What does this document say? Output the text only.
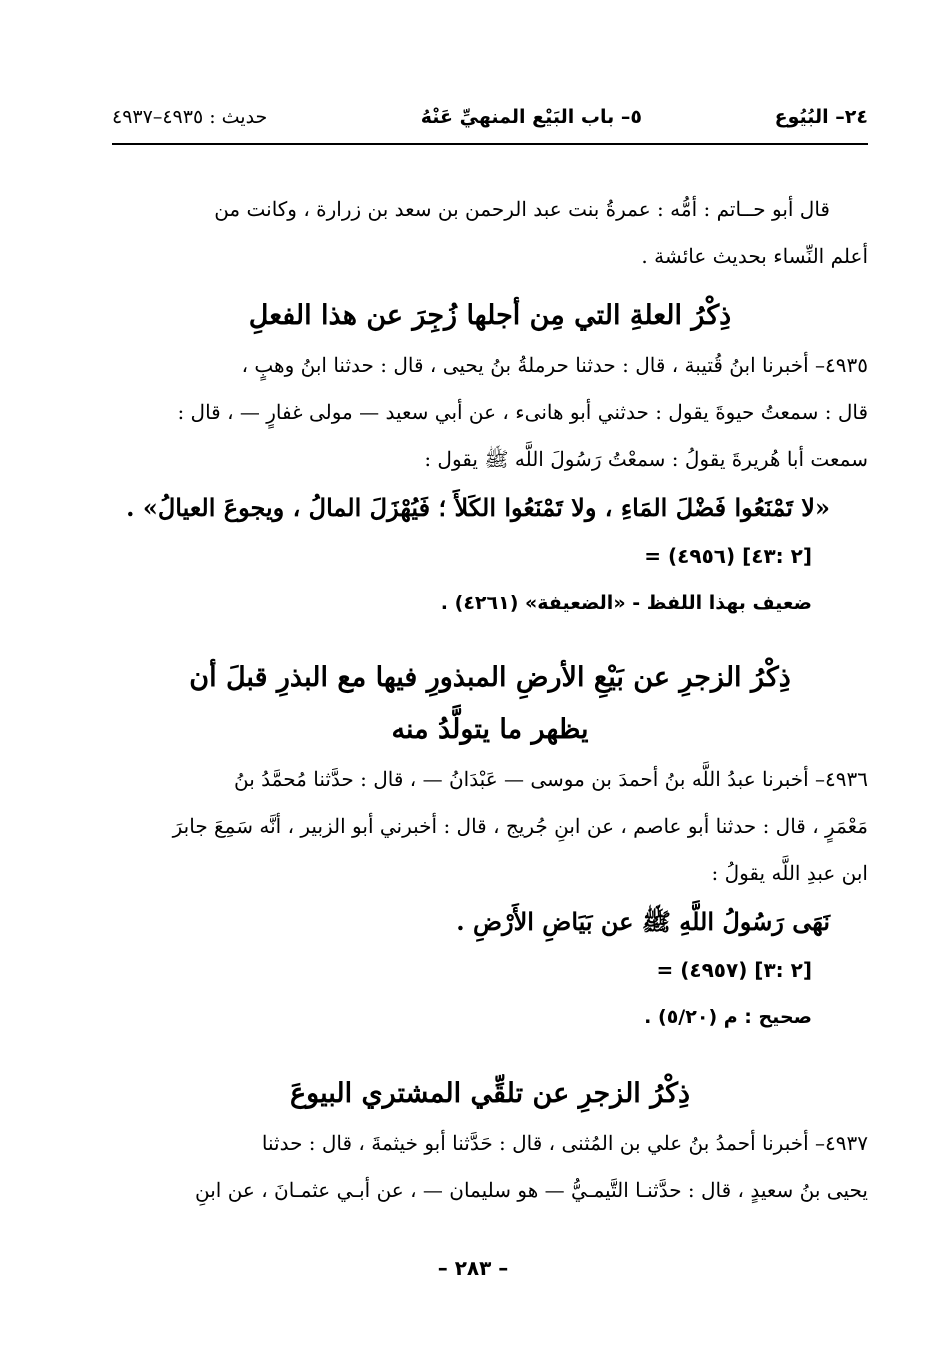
٢٤– البُيُوع
٥– باب البَيْع المنهيِّ عَنْهُ
حديث : ٤٩٣٥–٤٩٣٧
قال أبو حــاتم : أمُّه : عمرةُ بنت عبد الرحمن بن سعد بن زرارة ، وكانت من
أعلم النِّساء بحديث عائشة .
ذِكْرُ العلةِ التي مِن أجلها زُجِرَ عن هذا الفعلِ
٤٩٣٥– أخبرنا ابنُ قُتيبة ، قال : حدثنا حرملةُ بنُ يحيى ، قال : حدثنا ابنُ وهبٍ ،
قال : سمعتُ حيوةَ يقول : حدثني أبو هانىء ، عن أبي سعيد — مولى غفارٍ — ، قال :
سمعت أبا هُريرةَ يقولُ : سمعْتُ رَسُولَ اللَّه ﷺ يقول :
«لا تَمْنَعُوا فَضْلَ المَاءِ ، ولا تَمْنَعُوا الكَلأَ ؛ فَيُهْزَلَ المالُ ، ويجوعَ العيالُ» .
= (٤٩٥٦) [٢ :٤٣]
ضعيف بهذا اللفظ - «الضعيفة» (٤٢٦١) .
ذِكْرُ الزجرِ عن بَيْعِ الأرضِ المبذورِ فيها مع البذرِ قبلَ أن
يظهر ما يتولَّدُ منه
٤٩٣٦– أخبرنا عبدُ اللَّه بنُ أحمدَ بن موسى — عَبْدَانُ — ، قال : حدَّثنا مُحمَّدُ بنُ
مَعْمَرٍ ، قال : حدثنا أبو عاصم ، عن ابنِ جُريج ، قال : أخبرني أبو الزبير ، أنَّه سَمِعَ جابرَ
ابن عبدِ اللَّه يقولُ :
نَهَى رَسُولُ اللَّهِ ﷺ عن بَيَاضِ الأَرْضِ .
= (٤٩٥٧) [٢ :٣]
صحيح : م (٥/٢٠) .
ذِكْرُ الزجرِ عن تلقِّي المشتري البيوعَ
٤٩٣٧– أخبرنا أحمدُ بنُ علي بن المُثنى ، قال : حَدَّثنا أبو خيثمةَ ، قال : حدثنا
يحيى بنُ سعيدٍ ، قال : حدَّثنـا التَّيمـيُّ — هو سليمان — ، عن أبـي عثمـانَ ، عن ابنِ
– ٢٨٣ –
